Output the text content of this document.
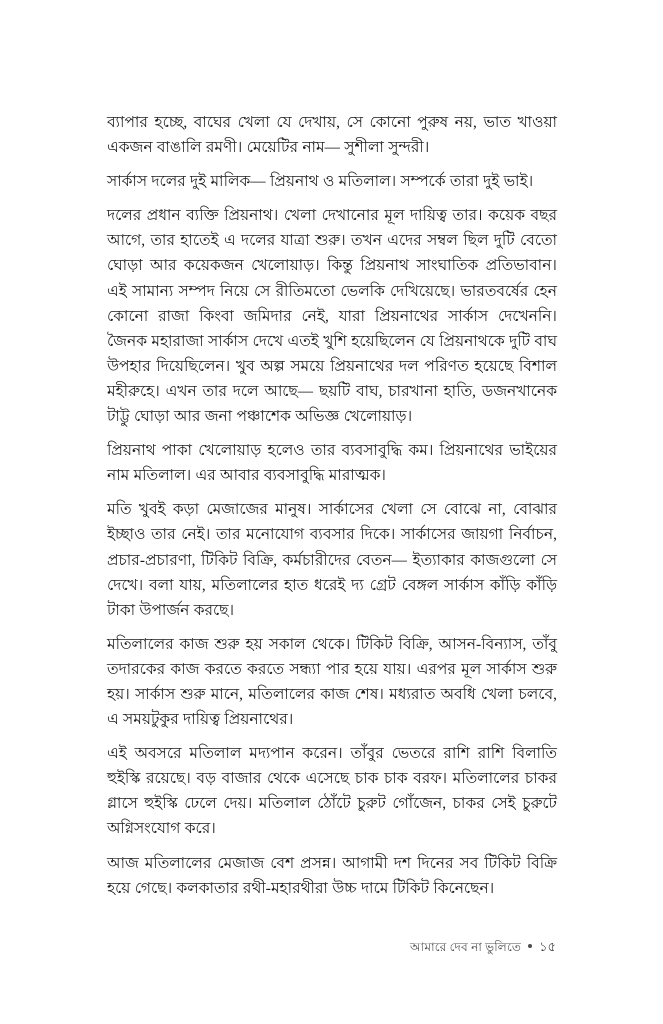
ব্যাপার হচ্ছে, বাঘের খেলা যে দেখায়, সে কোনো পুরুষ নয়, ভাত খাওয়া একজন বাঙালি রমণী। মেয়েটির নাম— সুশীলা সুন্দরী।

সার্কাস দলের দুই মালিক— প্রিয়নাথ ও মতিলাল। সম্পর্কে তারা দুই ভাই।

দলের প্রধান ব্যক্তি প্রিয়নাথ। খেলা দেখানোর মূল দায়িত্ব তার। কয়েক বছর আগে, তার হাতেই এ দলের যাত্রা শুরু। তখন এদের সম্বল ছিল দুটি বেতো ঘোড়া আর কয়েকজন খেলোয়াড়। কিন্তু প্রিয়নাথ সাংঘাতিক প্রতিভাবান। এই সামান্য সম্পদ নিয়ে সে রীতিমতো ভেলকি দেখিয়েছে। ভারতবর্ষের হেন কোনো রাজা কিংবা জমিদার নেই, যারা প্রিয়নাথের সার্কাস দেখেননি। জৈনক মহারাজা সার্কাস দেখে এতই খুশি হয়েছিলেন যে প্রিয়নাথকে দুটি বাঘ উপহার দিয়েছিলেন। খুব অল্প সময়ে প্রিয়নাথের দল পরিণত হয়েছে বিশাল মহীরুহে। এখন তার দলে আছে— ছয়টি বাঘ, চারখানা হাতি, ডজনখানেক টাট্টু ঘোড়া আর জনা পঞ্চাশেক অভিজ্ঞ খেলোয়াড়।

প্রিয়নাথ পাকা খেলোয়াড় হলেও তার ব্যবসাবুদ্ধি কম। প্রিয়নাথের ভাইয়ের নাম মতিলাল। এর আবার ব্যবসাবুদ্ধি মারাত্মক।

মতি খুবই কড়া মেজাজের মানুষ। সার্কাসের খেলা সে বোঝে না, বোঝার ইচ্ছাও তার নেই। তার মনোযোগ ব্যবসার দিকে। সার্কাসের জায়গা নির্বাচন, প্রচার-প্রচারণা, টিকিট বিক্রি, কর্মচারীদের বেতন— ইত্যাকার কাজগুলো সে দেখে। বলা যায়, মতিলালের হাত ধরেই দ্য গ্রেট বেঙ্গল সার্কাস কাঁড়ি কাঁড়ি টাকা উপার্জন করছে।

মতিলালের কাজ শুরু হয় সকাল থেকে। টিকিট বিক্রি, আসন-বিন্যাস, তাঁবু তদারকের কাজ করতে করতে সন্ধ্যা পার হয়ে যায়। এরপর মূল সার্কাস শুরু হয়। সার্কাস শুরু মানে, মতিলালের কাজ শেষ। মধ্যরাত অবধি খেলা চলবে, এ সময়টুকুর দায়িত্ব প্রিয়নাথের।

এই অবসরে মতিলাল মদ্যপান করেন। তাঁবুর ভেতরে রাশি রাশি বিলাতি হুইস্কি রয়েছে। বড় বাজার থেকে এসেছে চাক চাক বরফ। মতিলালের চাকর গ্লাসে হুইস্কি ঢেলে দেয়। মতিলাল ঠোঁটে চুরুট গোঁজেন, চাকর সেই চুরুটে অগ্নিসংযোগ করে।

আজ মতিলালের মেজাজ বেশ প্রসন্ন। আগামী দশ দিনের সব টিকিট বিক্রি হয়ে গেছে। কলকাতার রথী-মহারথীরা উচ্চ দামে টিকিট কিনেছেন।

আমারে দেব না ভুলিতে ১৫
